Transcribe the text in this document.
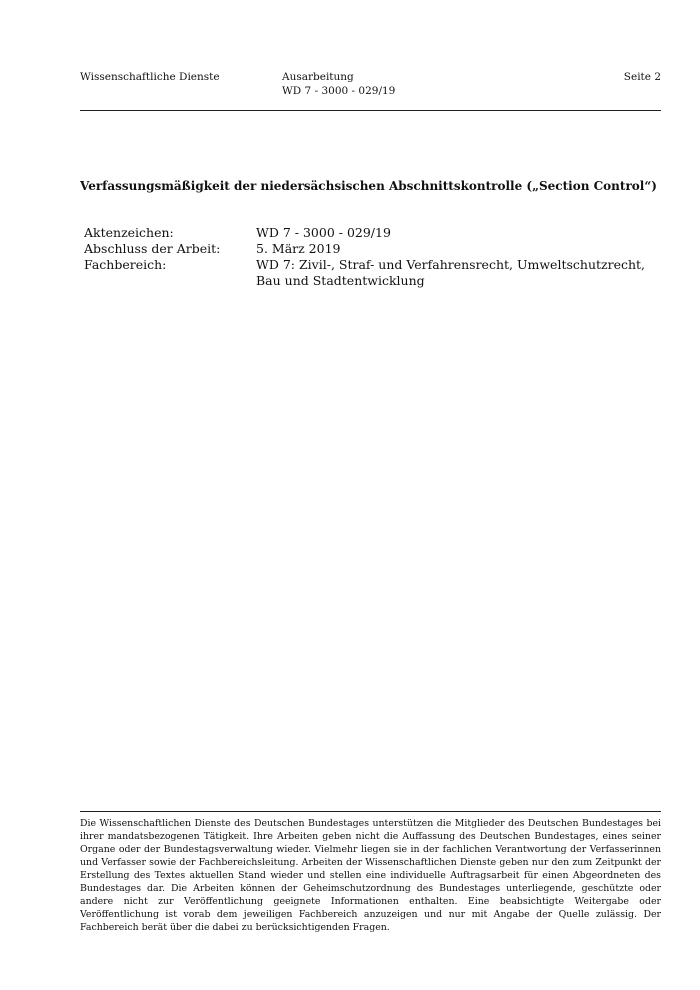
Wissenschaftliche Dienste	Ausarbeitung
WD 7 - 3000 - 029/19
Seite 2
Verfassungsmäßigkeit der niedersächsischen Abschnittskontrolle („Section Control“)
Aktenzeichen:	WD 7 - 3000 - 029/19
Abschluss der Arbeit:	5. März 2019
Fachbereich:	WD 7: Zivil-, Straf- und Verfahrensrecht, Umweltschutzrecht, Bau und Stadtentwicklung
Die Wissenschaftlichen Dienste des Deutschen Bundestages unterstützen die Mitglieder des Deutschen Bundestages bei ihrer mandatsbezogenen Tätigkeit. Ihre Arbeiten geben nicht die Auffassung des Deutschen Bundestages, eines seiner Organe oder der Bundestagsverwaltung wieder. Vielmehr liegen sie in der fachlichen Verantwortung der Verfasserinnen und Verfasser sowie der Fachbereichsleitung. Arbeiten der Wissenschaftlichen Dienste geben nur den zum Zeitpunkt der Erstellung des Textes aktuellen Stand wieder und stellen eine individuelle Auftragsarbeit für einen Abgeordneten des Bundestages dar. Die Arbeiten können der Geheimschutzordnung des Bundestages unterliegende, geschützte oder andere nicht zur Veröffentlichung geeignete Informationen enthalten. Eine beabsichtigte Weitergabe oder Veröffentlichung ist vorab dem jeweiligen Fachbereich anzuzeigen und nur mit Angabe der Quelle zulässig. Der Fachbereich berät über die dabei zu berücksichtigenden Fragen.
